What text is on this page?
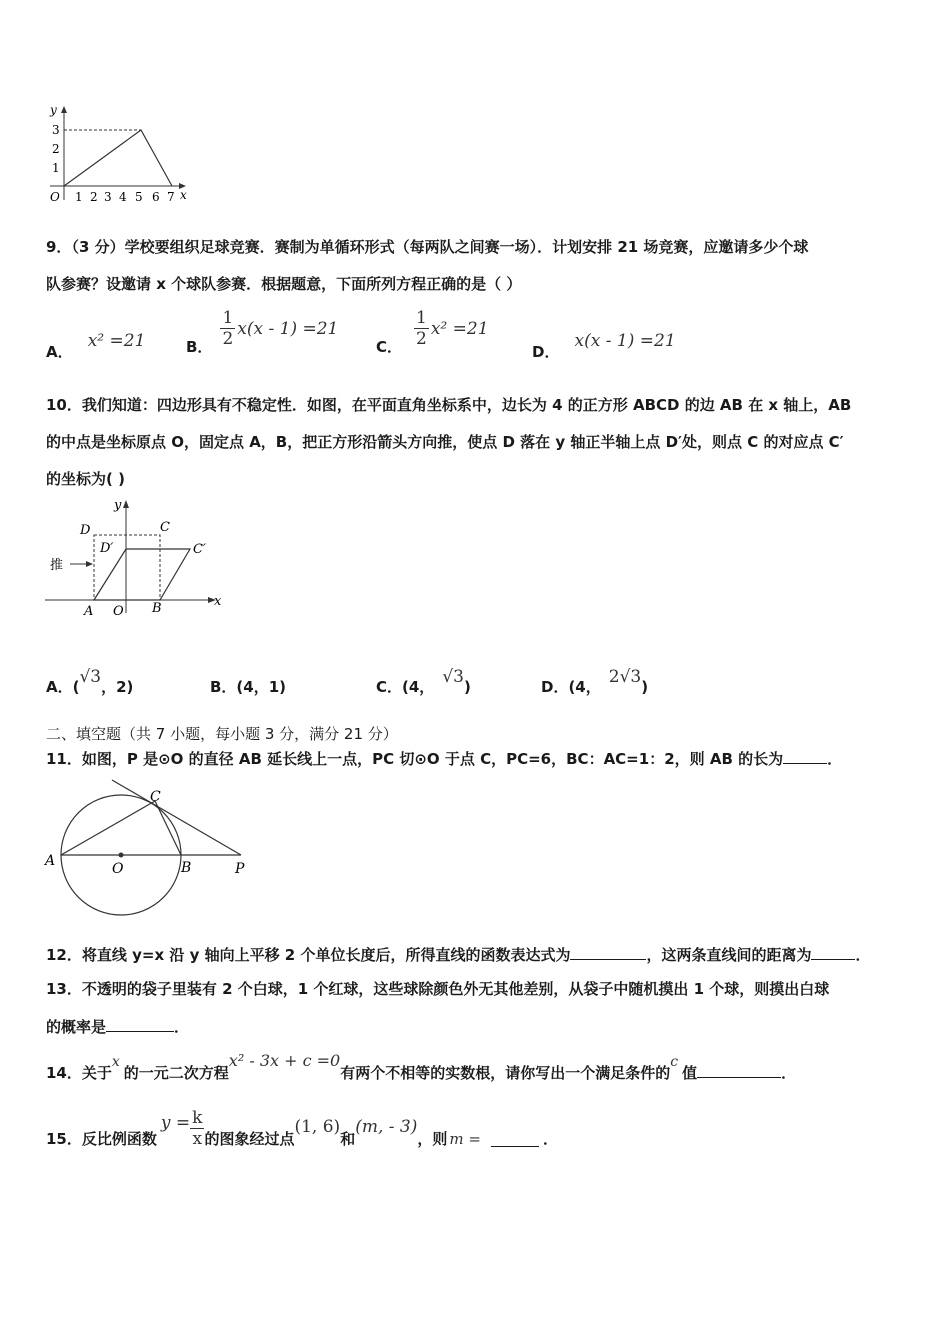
y
3
2
1
O 1 2 3 4 5 6 7 x
9．（3 分）学校要组织足球竞赛．赛制为单循环形式（每两队之间赛一场）．计划安排 21 场竞赛，应邀请多少个球
队参赛？设邀请 x 个球队参赛．根据题意，下面所列方程正确的是（ ）
A． x² =21	B． $\frac{1}{2} x(x - 1) =21$
C． $\frac{1}{2} x^2 =21$
D． x(x - 1) =21
10．我们知道：四边形具有不稳定性．如图，在平面直角坐标系中，边长为 4 的正方形 ABCD 的边 AB 在 x 轴上，AB
的中点是坐标原点 O，固定点 A，B，把正方形沿箭头方向推，使点 D 落在 y 轴正半轴上点 D′处，则点 C 的对应点 C′
的坐标为( )
推
y
x
D	C
D′	C′
A O B
A．(√3，2)	B．(4，1)	C．(4， √3)	D．(4， 2√3)
二、填空题（共 7 小题，每小题 3 分，满分 21 分）
11．如图，P 是⊙O 的直径 AB 延长线上一点，PC 切⊙O 于点 C，PC=6，BC：AC=1：2，则 AB 的长为	．
A	O	B	P
C
12．将直线 y=x 沿 y 轴向上平移 2 个单位长度后，所得直线的函数表达式为	，这两条直线间的距离为	．
13．不透明的袋子里装有 2 个白球，1 个红球，这些球除颜色外无其他差别，从袋子中随机摸出 1 个球，则摸出白球
的概率是	．
14．关于x的一元二次方程x² - 3x + c =0有两个不相等的实数根，请你写出一个满足条件的c值	．
15．反比例函数
$y = \frac{k}{x}$ 的图象经过点
(1, 6)
和
(m, - 3)
，则 m =	．
